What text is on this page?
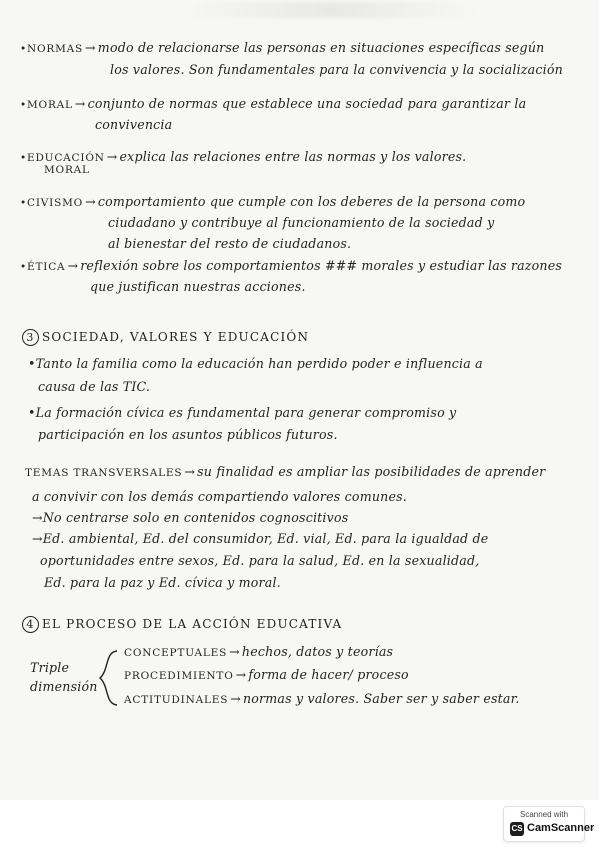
•NORMAS → modo de relacionarse las personas en situaciones específicas según
los valores. Son fundamentales para la convivencia y la socialización
•MORAL → conjunto de normas que establece una sociedad para garantizar la
convivencia
•EDUCACIÓN → explica las relaciones entre las normas y los valores.
MORAL
•CIVISMO → comportamiento que cumple con los deberes de la persona como
ciudadano y contribuye al funcionamiento de la sociedad y
al bienestar del resto de ciudadanos.
•ÉTICA → reflexión sobre los comportamientos ### morales y estudiar las razones
que justifican nuestras acciones.
3 SOCIEDAD, VALORES Y EDUCACIÓN
•Tanto la familia como la educación han perdido poder e influencia a
causa de las TIC.
•La formación cívica es fundamental para generar compromiso y
participación en los asuntos públicos futuros.
TEMAS TRANSVERSALES → su finalidad es ampliar las posibilidades de aprender
a convivir con los demás compartiendo valores comunes.
→No centrarse solo en contenidos cognoscitivos
→Ed. ambiental, Ed. del consumidor, Ed. vial, Ed. para la igualdad de
oportunidades entre sexos, Ed. para la salud, Ed. en la sexualidad,
Ed. para la paz y Ed. cívica y moral.
4 EL PROCESO DE LA ACCIÓN EDUCATIVA
Triple
dimensión
CONCEPTUALES → hechos, datos y teorías
PROCEDIMIENTO → forma de hacer/ proceso
ACTITUDINALES → normas y valores. Saber ser y saber estar.
Scanned with
CS CamScanner
